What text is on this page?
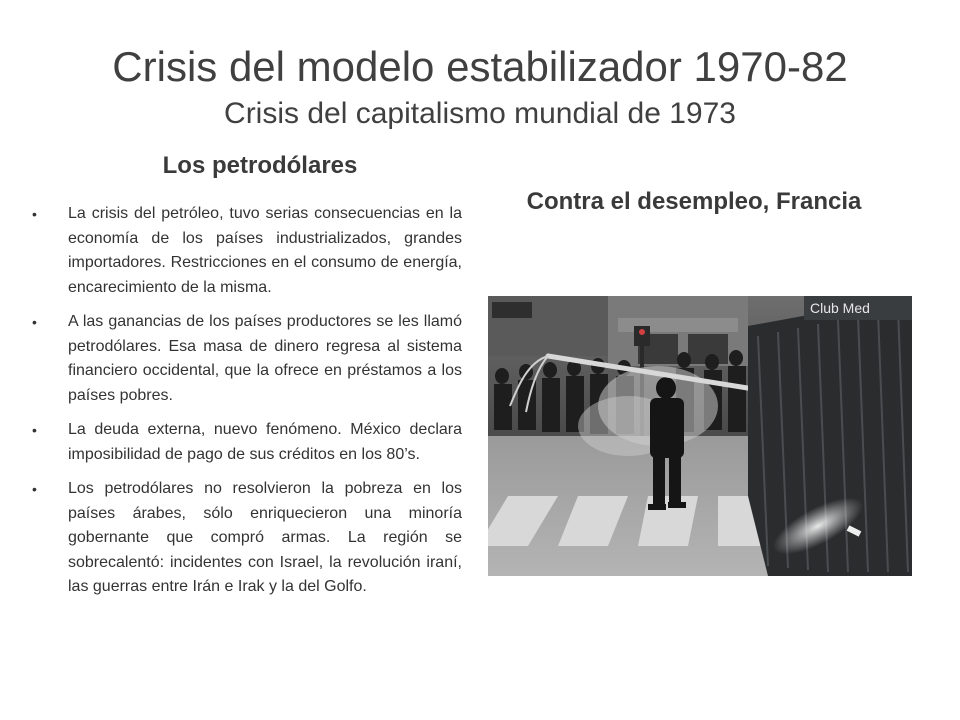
Crisis del modelo estabilizador 1970-82
Crisis del capitalismo mundial de 1973
Los petrodólares
• La crisis del petróleo, tuvo serias consecuencias en la economía de los países industrializados, grandes importadores. Restricciones en el consumo de energía, encarecimiento de la misma.
• A las ganancias de los países productores se les llamó petrodólares. Esa masa de dinero regresa al sistema financiero occidental, que la ofrece en préstamos a los países pobres.
• La deuda externa, nuevo fenómeno. México declara imposibilidad de pago de sus créditos en los 80’s.
• Los petrodólares no resolvieron la pobreza en los países árabes, sólo enriquecieron una minoría gobernante que compró armas. La región se sobrecalentó: incidentes con Israel, la revolución iraní, las guerras entre Irán e Irak y la del Golfo.
Contra el desempleo, Francia
Club Med
